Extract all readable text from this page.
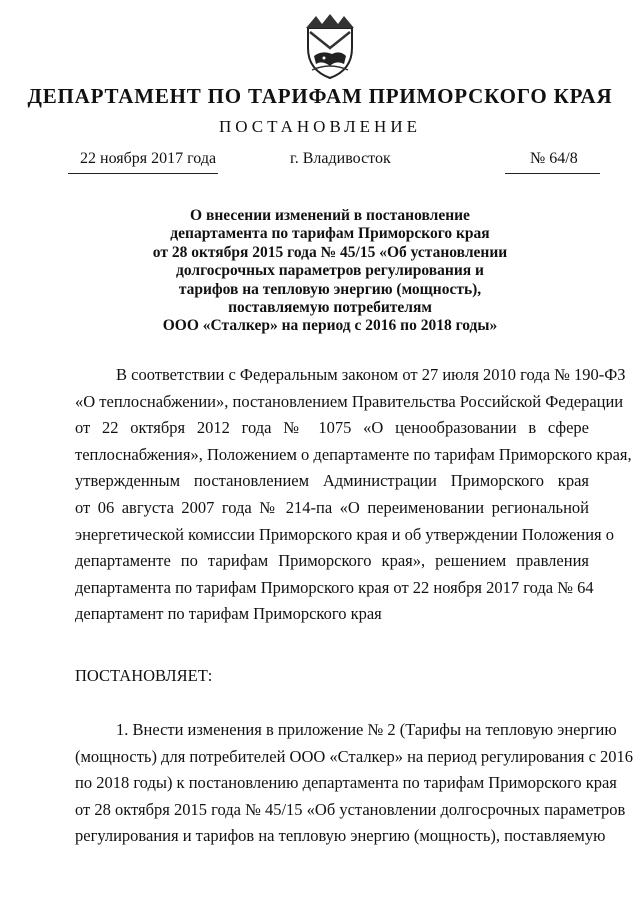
ДЕПАРТАМЕНТ ПО ТАРИФАМ ПРИМОРСКОГО КРАЯ
ПОСТАНОВЛЕНИЕ
22 ноября 2017 года	г. Владивосток	№ 64/8
О внесении изменений в постановление
департамента по тарифам Приморского края
от 28 октября 2015 года № 45/15 «Об установлении
долгосрочных параметров регулирования и
тарифов на тепловую энергию (мощность),
поставляемую потребителям
ООО «Сталкер» на период с 2016 по 2018 годы»
В соответствии с Федеральным законом от 27 июля 2010 года № 190-ФЗ
«О теплоснабжении», постановлением Правительства Российской Федерации
от 22 октября 2012 года № 1075 «О ценообразовании в сфере
теплоснабжения», Положением о департаменте по тарифам Приморского края,
утвержденным постановлением Администрации Приморского края
от 06 августа 2007 года № 214-па «О переименовании региональной
энергетической комиссии Приморского края и об утверждении Положения о
департаменте по тарифам Приморского края», решением правления
департамента по тарифам Приморского края от 22 ноября 2017 года № 64
департамент по тарифам Приморского края
ПОСТАНОВЛЯЕТ:
1. Внести изменения в приложение № 2 (Тарифы на тепловую энергию
(мощность) для потребителей ООО «Сталкер» на период регулирования с 2016
по 2018 годы) к постановлению департамента по тарифам Приморского края
от 28 октября 2015 года № 45/15 «Об установлении долгосрочных параметров
регулирования и тарифов на тепловую энергию (мощность), поставляемую
